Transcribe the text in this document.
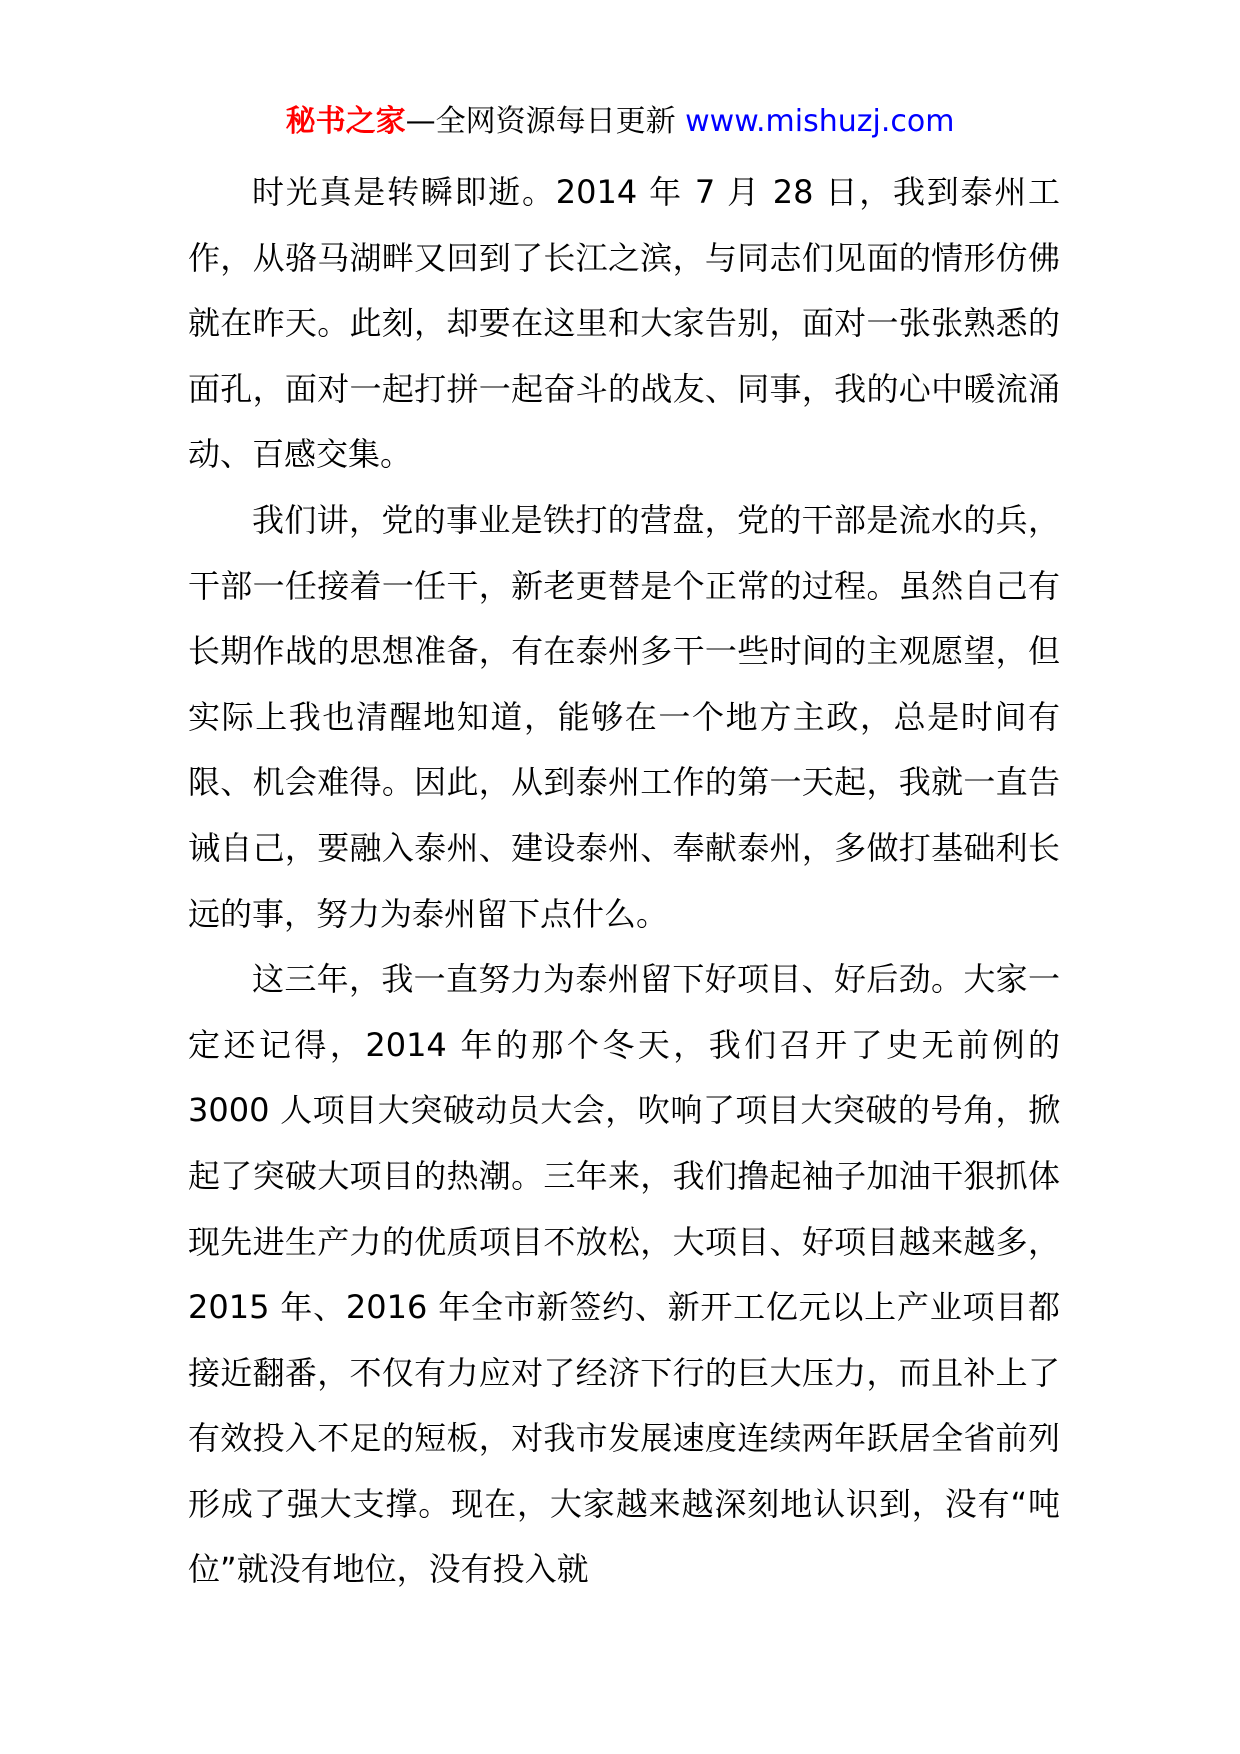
秘书之家—全网资源每日更新 www.mishuzj.com

时光真是转瞬即逝。2014 年 7 月 28 日，我到泰州工作，从骆马湖畔又回到了长江之滨，与同志们见面的情形仿佛就在昨天。此刻，却要在这里和大家告别，面对一张张熟悉的面孔，面对一起打拼一起奋斗的战友、同事，我的心中暖流涌动、百感交集。

我们讲，党的事业是铁打的营盘，党的干部是流水的兵，干部一任接着一任干，新老更替是个正常的过程。虽然自己有长期作战的思想准备，有在泰州多干一些时间的主观愿望，但实际上我也清醒地知道，能够在一个地方主政，总是时间有限、机会难得。因此，从到泰州工作的第一天起，我就一直告诫自己，要融入泰州、建设泰州、奉献泰州，多做打基础利长远的事，努力为泰州留下点什么。

这三年，我一直努力为泰州留下好项目、好后劲。大家一定还记得，2014 年的那个冬天，我们召开了史无前例的 3000 人项目大突破动员大会，吹响了项目大突破的号角，掀起了突破大项目的热潮。三年来，我们撸起袖子加油干狠抓体现先进生产力的优质项目不放松，大项目、好项目越来越多，2015 年、2016 年全市新签约、新开工亿元以上产业项目都接近翻番，不仅有力应对了经济下行的巨大压力，而且补上了有效投入不足的短板，对我市发展速度连续两年跃居全省前列形成了强大支撑。现在，大家越来越深刻地认识到，没有“吨位”就没有地位，没有投入就
